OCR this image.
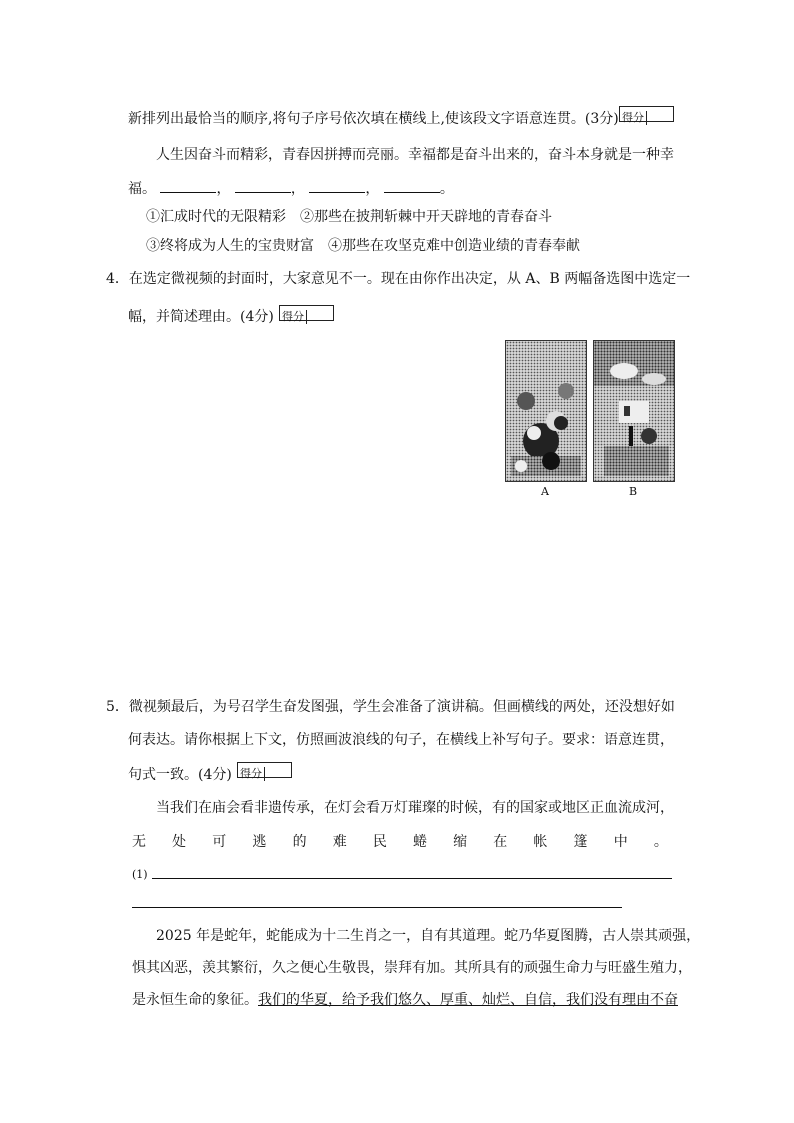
新排列出最恰当的顺序,将句子序号依次填在横线上,使该段文字语意连贯。(3分) 得分
人生因奋斗而精彩，青春因拼搏而亮丽。幸福都是奋斗出来的，奋斗本身就是一种幸
福。	，	，	，	。
①汇成时代的无限精彩　②那些在披荆斩棘中开天辟地的青春奋斗
③终将成为人生的宝贵财富　④那些在攻坚克难中创造业绩的青春奉献
4．在选定微视频的封面时，大家意见不一。现在由你作出决定，从 A、B 两幅备选图中选定一
幅，并简述理由。(4分) 得分
A	B
5．微视频最后，为号召学生奋发图强，学生会准备了演讲稿。但画横线的两处，还没想好如
何表达。请你根据上下文，仿照画波浪线的句子，在横线上补写句子。要求：语意连贯，
句式一致。(4分) 得分
当我们在庙会看非遗传承，在灯会看万灯璀璨的时候，有的国家或地区正血流成河，
无 处 可 逃 的 难 民 蜷 缩 在 帐 篷 中 。
(1)
2025 年是蛇年，蛇能成为十二生肖之一，自有其道理。蛇乃华夏图腾，古人崇其顽强，
惧其凶恶，羡其繁衍，久之便心生敬畏，崇拜有加。其所具有的顽强生命力与旺盛生殖力，
是永恒生命的象征。我们的华夏，给予我们悠久、厚重、灿烂、自信，我们没有理由不奋
